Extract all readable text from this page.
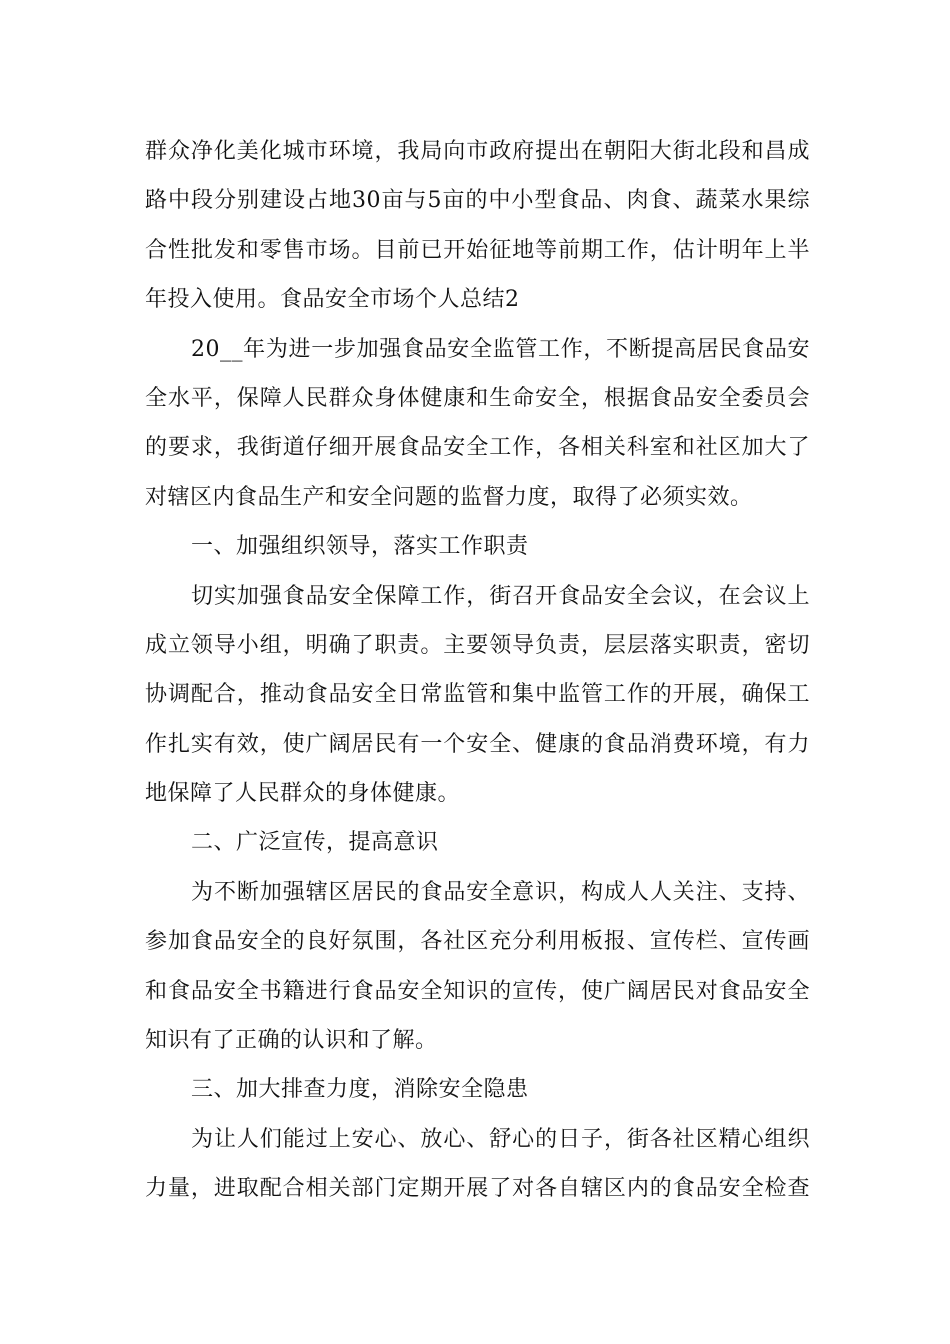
群众净化美化城市环境，我局向市政府提出在朝阳大街北段和昌成
路中段分别建设占地30亩与5亩的中小型食品、肉食、蔬菜水果综
合性批发和零售市场。目前已开始征地等前期工作，估计明年上半
年投入使用。食品安全市场个人总结2
20__年为进一步加强食品安全监管工作，不断提高居民食品安
全水平，保障人民群众身体健康和生命安全，根据食品安全委员会
的要求，我街道仔细开展食品安全工作，各相关科室和社区加大了
对辖区内食品生产和安全问题的监督力度，取得了必须实效。
一、加强组织领导，落实工作职责
切实加强食品安全保障工作，街召开食品安全会议，在会议上
成立领导小组，明确了职责。主要领导负责，层层落实职责，密切
协调配合，推动食品安全日常监管和集中监管工作的开展，确保工
作扎实有效，使广阔居民有一个安全、健康的食品消费环境，有力
地保障了人民群众的身体健康。
二、广泛宣传，提高意识
为不断加强辖区居民的食品安全意识，构成人人关注、支持、
参加食品安全的良好氛围，各社区充分利用板报、宣传栏、宣传画
和食品安全书籍进行食品安全知识的宣传，使广阔居民对食品安全
知识有了正确的认识和了解。
三、加大排查力度，消除安全隐患
为让人们能过上安心、放心、舒心的日子，街各社区精心组织
力量，进取配合相关部门定期开展了对各自辖区内的食品安全检查
